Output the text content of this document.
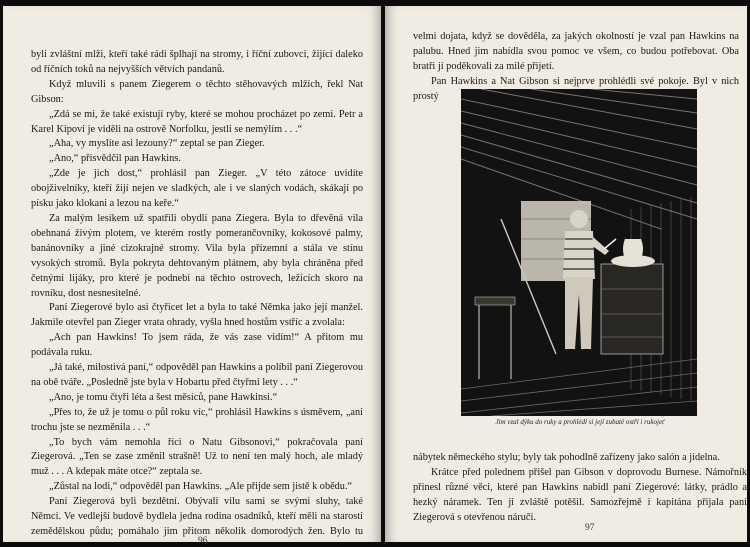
byli zvláštní mlži, kteří také rádi šplhají na stromy, i říční zubovci, žijící daleko od říčních toků na nejvyšších větvích pandanů.

Když mluvili s panem Ziegerem o těchto stěhovavých mlžích, řekl Nat Gibson:

„Zdá se mi, že také existují ryby, které se mohou procházet po zemi. Petr a Karel Kipovi je viděli na ostrově Norfolku, jestli se nemýlím . . .“

„Aha, vy myslíte asi lezouny?“ zeptal se pan Zieger.

„Ano,“ přisvědčil pan Hawkins.

„Zde je jich dost,“ prohlásil pan Zieger. „V této zátoce uvidíte obojživelníky, kteří žijí nejen ve sladkých, ale i ve slaných vodách, skákají po písku jako klokani a lezou na keře.“

Za malým lesíkem už spatřili obydlí pana Ziegera. Byla to dřevěná vila obehnaná živým plotem, ve kterém rostly pomerančovníky, kokosové palmy, banánovníky a jiné cizokrajné stromy. Vila byla přízemní a stála ve stínu vysokých stromů. Byla pokryta dehtovaným plátnem, aby byla chráněna před četnými lijáky, pro které je podnebí na těchto ostrovech, ležících skoro na rovníku, dost nesnesitelné.

Paní Ziegerové bylo asi čtyřicet let a byla to také Němka jako její manžel. Jakmile otevřel pan Zieger vrata ohrady, vyšla hned hostům vstříc a zvolala:

„Ach pan Hawkins! To jsem ráda, že vás zase vidím!“ A přitom mu podávala ruku.

„Já také, milostivá paní,“ odpověděl pan Hawkins a políbil paní Ziegerovou na obě tváře. „Posledně jste byla v Hobartu před čtyřmi lety . . .“

„Ano, je tomu čtyři léta a šest měsíců, pane Hawkinsi.“

„Přes to, že už je tomu o půl roku víc,“ prohlásil Hawkins s úsměvem, „ani trochu jste se nezměnila . . .“

„To bych vám nemohla říci o Natu Gibsonovi,“ pokračovala paní Ziegerová. „Ten se zase změnil strašně! Už to není ten malý hoch, ale mladý muž . . . A kdepak máte otce?“ zeptala se.

„Zůstal na lodi,“ odpověděl pan Hawkins. „Ale přijde sem jistě k obědu.“

Paní Ziegerová byli bezdětní. Obývali vilu sami se svými sluhy, také Němci. Ve vedlejší budově bydlela jedna rodina osadníků, kteří měli na starosti zemědělskou půdu; pomáhalo jim přitom několik domorodých žen. Bylo tu

96

velmi dojata, když se dověděla, za jakých okolností je vzal pan Hawkins na palubu. Hned jim nabídla svou pomoc ve všem, co budou potřebovat. Oba bratři jí poděkovali za milé přijetí.

Pan Hawkins a Nat Gibson si nejprve prohlédli své pokoje. Byl v nich prostý

Jim vzal dýku do ruky a prohlédl si její zubaté ostří i rukojeť

nábytek německého stylu; byly tak pohodlně zařízeny jako salón a jídelna.

Krátce před polednem přišel pan Gibson v doprovodu Burnese. Námořník přinesl různé věci, které pan Hawkins nabídl paní Ziegerové: látky, prádlo a hezký náramek. Ten ji zvláště potěšil. Samozřejmě i kapitána přijala paní Ziegerová s otevřenou náručí.

97
